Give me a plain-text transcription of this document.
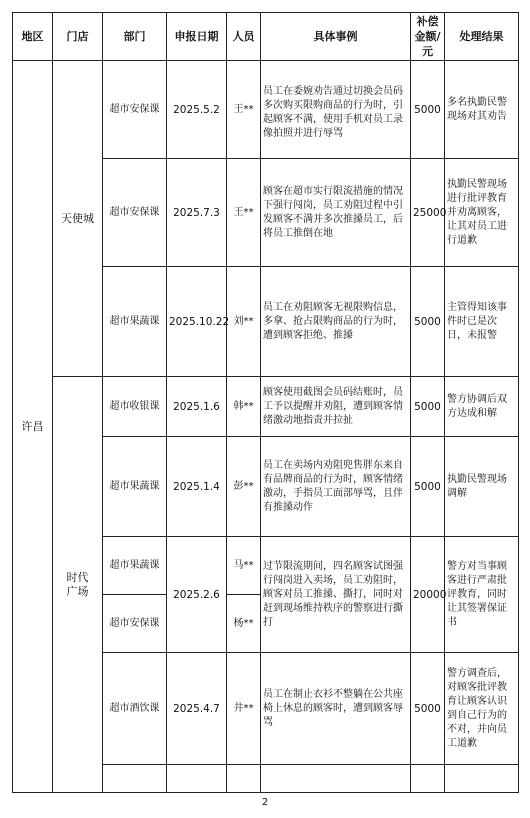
地区	门店	部门	申报日期	人员	具体事例	补偿金额/元	处理结果	
许昌	天使城	超市安保课	2025.5.2	王**	员工在委婉劝告通过切换会员码多次购买限购商品的行为时，引起顾客不满，使用手机对员工录像拍照并进行辱骂	5000	多名执勤民警现场对其劝告	
		超市安保课	2025.7.3	王**	顾客在超市实行限流措施的情况下强行闯岗，员工劝阻过程中引发顾客不满并多次推搡员工，后将员工推倒在地	25000	执勤民警现场进行批评教育并劝离顾客，让其对员工进行道歉	
		超市果蔬课	2025.10.22	刘**	员工在劝阻顾客无视限购信息，多拿、抢占限购商品的行为时，遭到顾客拒绝、推搡	5000	主管得知该事件时已是次日，未报警	
	时代广场	超市收银课	2025.1.6	韩**	顾客使用截图会员码结账时，员工予以提醒并劝阻，遭到顾客情绪激动地指责并拉扯	5000	警方协调后双方达成和解	
		超市果蔬课	2025.1.4	彭**	员工在卖场内劝阻兜售胖东来自有品牌商品的行为时，顾客情绪激动，手指员工面部辱骂，且伴有推搡动作	5000	执勤民警现场调解	
		超市果蔬课	2025.2.6	马**	过节限流期间，四名顾客试图强行闯岗进入卖场，员工劝阻时，顾客对员工推搡、撕打，同时对赶到现场维持秩序的警察进行撕打	20000	警方对当事顾客进行严肃批评教育，同时让其签署保证书	
		超市安保课		杨**				
		超市酒饮课	2025.4.7	井**	员工在制止衣衫不整躺在公共座椅上休息的顾客时，遭到顾客辱骂	5000	警方调查后，对顾客批评教育让顾客认识到自己行为的不对，并向员工道歉	

2
